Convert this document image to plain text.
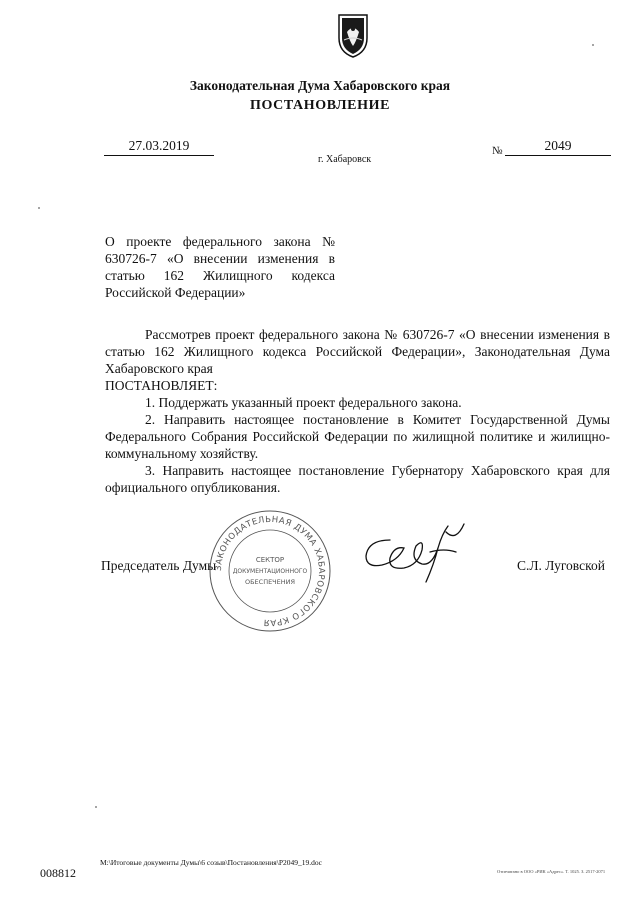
Законодательная Дума Хабаровского края
ПОСТАНОВЛЕНИЕ
27.03.2019
г. Хабаровск
№	2049
О проекте федерального закона № 630726-7 «О внесении изменения в статью 162 Жилищного кодекса Российской Федерации»

Рассмотрев проект федерального закона № 630726-7 «О внесении изменения в статью 162 Жилищного кодекса Российской Федерации», Законодательная Дума Хабаровского края

ПОСТАНОВЛЯЕТ:

1. Поддержать указанный проект федерального закона.

2. Направить настоящее постановление в Комитет Государственной Думы Федерального Собрания Российской Федерации по жилищной политике и жилищно-коммунальному хозяйству.

3. Направить настоящее постановление Губернатору Хабаровского края для официального опубликования.

ЗАКОНОДАТЕЛЬНАЯ ДУМА ХАБАРОВСКОГО КРАЯ
СЕКТОР
ДОКУМЕНТАЦИОННОГО
ОБЕСПЕЧЕНИЯ
Председатель Думы	С.Л. Луговской
M:\Итоговые документы Думы\6 созыв\Постановления\P2049_19.doc
008812	Отпечатано в ООО «РИК «Адрес». Т. 1025. З. 2517-2071
